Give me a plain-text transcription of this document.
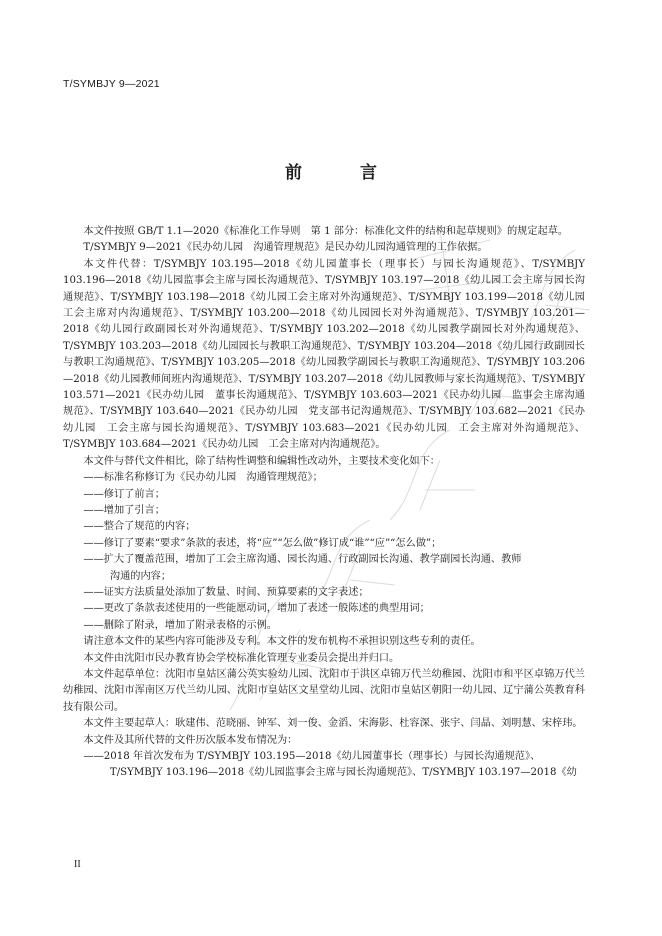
T/SYMBJY 9—2021
前 言

本文件按照 GB/T 1.1—2020《标准化工作导则　第 1 部分：标准化文件的结构和起草规则》的规定起草。

T/SYMBJY 9—2021《民办幼儿园　沟通管理规范》是民办幼儿园沟通管理的工作依据。

本文件代替：T/SYMBJY 103.195—2018《幼儿园董事长（理事长）与园长沟通规范》、T/SYMBJY 103.196—2018《幼儿园监事会主席与园长沟通规范》、T/SYMBJY 103.197—2018《幼儿园工会主席与园长沟通规范》、T/SYMBJY 103.198—2018《幼儿园工会主席对外沟通规范》、T/SYMBJY 103.199—2018《幼儿园工会主席对内沟通规范》、T/SYMBJY 103.200—2018《幼儿园园长对外沟通规范》、T/SYMBJY 103.201—2018《幼儿园行政副园长对外沟通规范》、T/SYMBJY 103.202—2018《幼儿园教学副园长对外沟通规范》、T/SYMBJY 103.203—2018《幼儿园园长与教职工沟通规范》、T/SYMBJY 103.204—2018《幼儿园行政副园长与教职工沟通规范》、T/SYMBJY 103.205—2018《幼儿园教学副园长与教职工沟通规范》、T/SYMBJY 103.206—2018《幼儿园教师间班内沟通规范》、T/SYMBJY 103.207—2018《幼儿园教师与家长沟通规范》、T/SYMBJY 103.571—2021《民办幼儿园　董事长沟通规范》、T/SYMBJY 103.603—2021《民办幼儿园　监事会主席沟通规范》、T/SYMBJY 103.640—2021《民办幼儿园　党支部书记沟通规范》、T/SYMBJY 103.682—2021《民办幼儿园　工会主席与园长沟通规范》、T/SYMBJY 103.683—2021《民办幼儿园　工会主席对外沟通规范》、T/SYMBJY 103.684—2021《民办幼儿园　工会主席对内沟通规范》。

本文件与替代文件相比，除了结构性调整和编辑性改动外，主要技术变化如下：

——标准名称修订为《民办幼儿园　沟通管理规范》；

——修订了前言；

——增加了引言；

——整合了规范的内容；

——修订了要素“要求”条款的表述，将“应”“怎么做”修订成“谁”“应”“怎么做”；

——扩大了覆盖范围，增加了工会主席沟通、园长沟通、行政副园长沟通、教学副园长沟通、教师
沟通的内容；

——证实方法质量处添加了数量、时间、预算要素的文字表述；

——更改了条款表述使用的一些能愿动词，增加了表述一般陈述的典型用词；

——删除了附录，增加了附录表格的示例。

请注意本文件的某些内容可能涉及专利。本文件的发布机构不承担识别这些专利的责任。

本文件由沈阳市民办教育协会学校标准化管理专业委员会提出并归口。

本文件起草单位：沈阳市皇姑区蒲公英实验幼儿园、沈阳市于洪区卓锦万代兰幼稚园、沈阳市和平区卓锦万代兰幼稚园、沈阳市浑南区万代兰幼儿园、沈阳市皇姑区文星堂幼儿园、沈阳市皇姑区朝阳一幼儿园、辽宁蒲公英教育科技有限公司。

本文件主要起草人：耿建伟、范晓丽、钟军、刘一俊、金滔、宋海影、杜容深、张宇、闫晶、刘明慧、宋梓玮。

本文件及其所代替的文件历次版本发布情况为：

——2018 年首次发布为 T/SYMBJY 103.195—2018《幼儿园董事长（理事长）与园长沟通规范》、
T/SYMBJY 103.196—2018《幼儿园监事会主席与园长沟通规范》、T/SYMBJY 103.197—2018《幼

II
